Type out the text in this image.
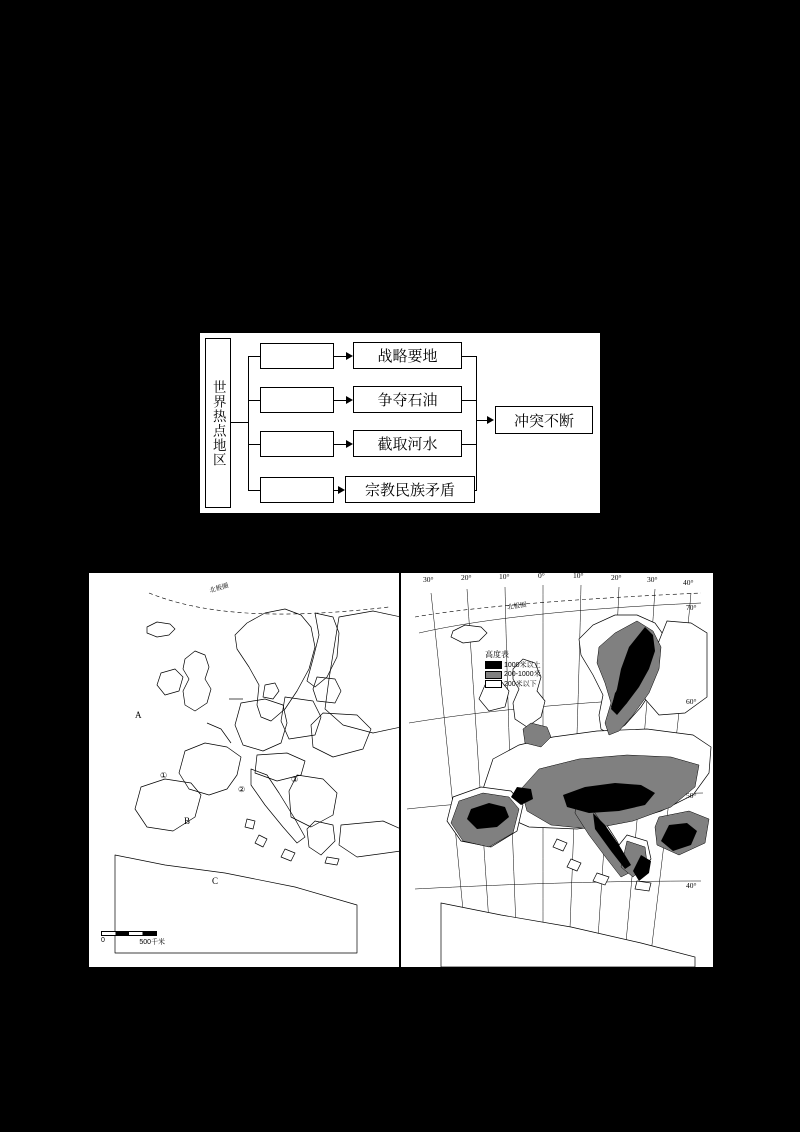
世界热点地区
战略要地
争夺石油
截取河水
宗教民族矛盾
冲突不断
北极圈
A
B
C
①
②
③
0	500千米
高度表
1000米以上
200-1000米
200米以下
北极圈
30°	20°	10°	0°	10°	20°	30°	40°
70°
60°
50°
40°
